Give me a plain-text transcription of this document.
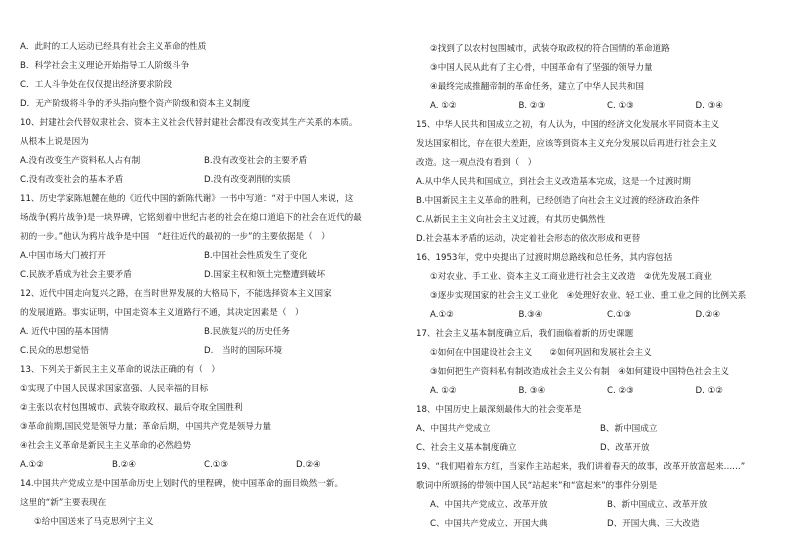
A．此时的工人运动已经具有社会主义革命的性质
B．科学社会主义理论开始指导工人阶级斗争
C．工人斗争处在仅仅提出经济要求阶段
D．无产阶级将斗争的矛头指向整个资产阶级和资本主义制度
10、封建社会代替奴隶社会、资本主义社会代替封建社会都没有改变其生产关系的本质。
从根本上说是因为
A.没有改变生产资料私人占有制	B.没有改变社会的主要矛盾
C.没有改变社会的基本矛盾	D.没有改变剥削的实质
11、历史学家陈旭麓在他的《近代中国的新陈代谢》一书中写道：“对于中国人来说，这
场战争(鸦片战争)是一块界碑，它铭刻着中世纪古老的社会在熄口道追下的社会在近代的最
初的一步。”他认为鸦片战争是中国　“赶往近代的最初的一步”的主要依据是（　）
A.中国市场大门被打开	B.中国社会性质发生了变化
C.民族矛盾成为社会主要矛盾	D.国家主权和领土完整遭到破坏
12、近代中国走向复兴之路，在当时世界发展的大格局下，不能选择资本主义国家
的发展道路。事实证明，中国走资本主义道路行不通，其决定因素是（　）
A. 近代中国的基本国情	B.民族复兴的历史任务
C.民众的思想觉悟	D.　当时的国际环境
13、下列关于新民主主义革命的说法正确的有（　）
①实现了中国人民谋求国家富强、人民幸福的目标
②主张以农村包围城市、武装夺取政权、最后夺取全国胜利
③革命前期,国民党是领导力量；革命后期，中国共产党是领导力量
④社会主义革命是新民主主义革命的必然趋势
A.①②	B.②④	C.①③	D.②④
14.中国共产党成立是中国革命历史上划时代的里程碑，使中国革命的面目焕然一新。
这里的“新”主要表现在
①给中国送来了马克思列宁主义
②找到了以农村包围城市，武装夺取政权的符合国情的革命道路
③中国人民从此有了主心骨，中国革命有了坚强的领导力量
④最终完成推翻帝制的革命任务，建立了中华人民共和国
A. ①②	B. ②③	C. ①③	D. ③④
15、中华人民共和国成立之初，有人认为，中国的经济文化发展水平同资本主义
发达国家相比，存在很大差距，应该等到资本主义充分发展以后再进行社会主义
改造。这一观点没有看到（　）
A.从中华人民共和国成立，到社会主义改造基本完成，这是一个过渡时期
B.中国新民主主义革命的胜利，已经创造了向社会主义过渡的经济政治条件
C.从新民主主义向社会主义过渡，有其历史偶然性
D.社会基本矛盾的运动，决定着社会形态的依次形成和更替
16、1953年，党中央提出了过渡时期总路线和总任务，其内容包括
①对农业、手工业、资本主义工商业进行社会主义改造　②优先发展工商业
③逐步实现国家的社会主义工业化　④处理好农业、轻工业、重工业之间的比例关系
A.①②	B.③④	C.①③	D.②④
17、社会主义基本制度确立后，我们面临着新的历史课题
①如何在中国建设社会主义　　②如何巩固和发展社会主义
③如何把生产资料私有制改造成社会主义公有制　④如何建设中国特色社会主义
A. ①②	B. ③④	C. ②③	D. ①②
18、中国历史上最深刻最伟大的社会变革是
A、中国共产党成立	B、新中国成立
C、社会主义基本制度确立	D、改革开放
19、“我们唱着东方红，当家作主站起来，我们讲着春天的故事，改革开放富起来……”
歌词中所颂扬的带领中国人民“站起来”和“富起来”的事件分别是
A、中国共产党成立、改革开放	B、新中国成立、改革开放
C、中国共产党成立、开国大典	D、开国大典、三大改造
